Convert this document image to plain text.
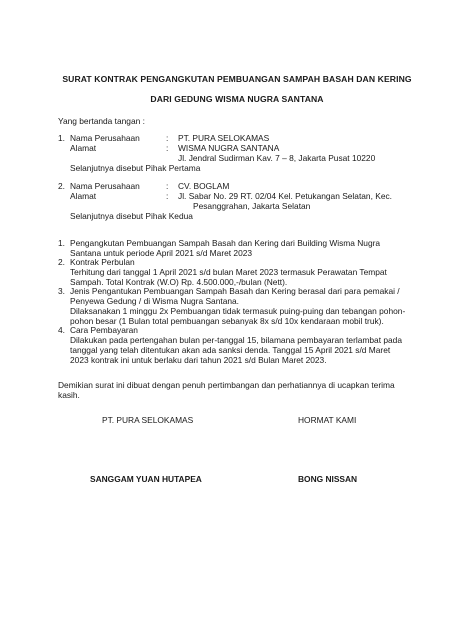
SURAT KONTRAK PENGANGKUTAN PEMBUANGAN SAMPAH BASAH DAN KERING
DARI GEDUNG WISMA NUGRA SANTANA
Yang bertanda tangan :
1. Nama Perusahaan	: PT. PURA SELOKAMAS
Alamat	: WISMA NUGRA SANTANA
Jl. Jendral Sudirman Kav. 7 – 8, Jakarta Pusat 10220
Selanjutnya disebut Pihak Pertama
2. Nama Perusahaan	: CV. BOGLAM
Alamat	: Jl. Sabar No. 29 RT. 02/04 Kel. Petukangan Selatan, Kec.
Pesanggrahan, Jakarta Selatan
Selanjutnya disebut Pihak Kedua
1. Pengangkutan Pembuangan Sampah Basah dan Kering dari Building Wisma Nugra
Santana untuk periode April 2021 s/d Maret 2023
2. Kontrak Perbulan
Terhitung dari tanggal 1 April 2021 s/d bulan Maret 2023 termasuk Perawatan Tempat
Sampah. Total Kontrak (W.O) Rp. 4.500.000,-/bulan (Nett).
3. Jenis Pengantukan Pembuangan Sampah Basah dan Kering berasal dari para pemakai /
Penyewa Gedung / di Wisma Nugra Santana.
Dilaksanakan 1 minggu 2x Pembuangan tidak termasuk puing-puing dan tebangan pohon-
pohon besar (1 Bulan total pembuangan sebanyak 8x s/d 10x kendaraan mobil truk).
4. Cara Pembayaran
Dilakukan pada pertengahan bulan per-tanggal 15, bilamana pembayaran terlambat pada
tanggal yang telah ditentukan akan ada sanksi denda. Tanggal 15 April 2021 s/d Maret
2023 kontrak ini untuk berlaku dari tahun 2021 s/d Bulan Maret 2023.
Demikian surat ini dibuat dengan penuh pertimbangan dan perhatiannya di ucapkan terima
kasih.
PT. PURA SELOKAMAS	HORMAT KAMI
SANGGAM YUAN HUTAPEA	BONG NISSAN
